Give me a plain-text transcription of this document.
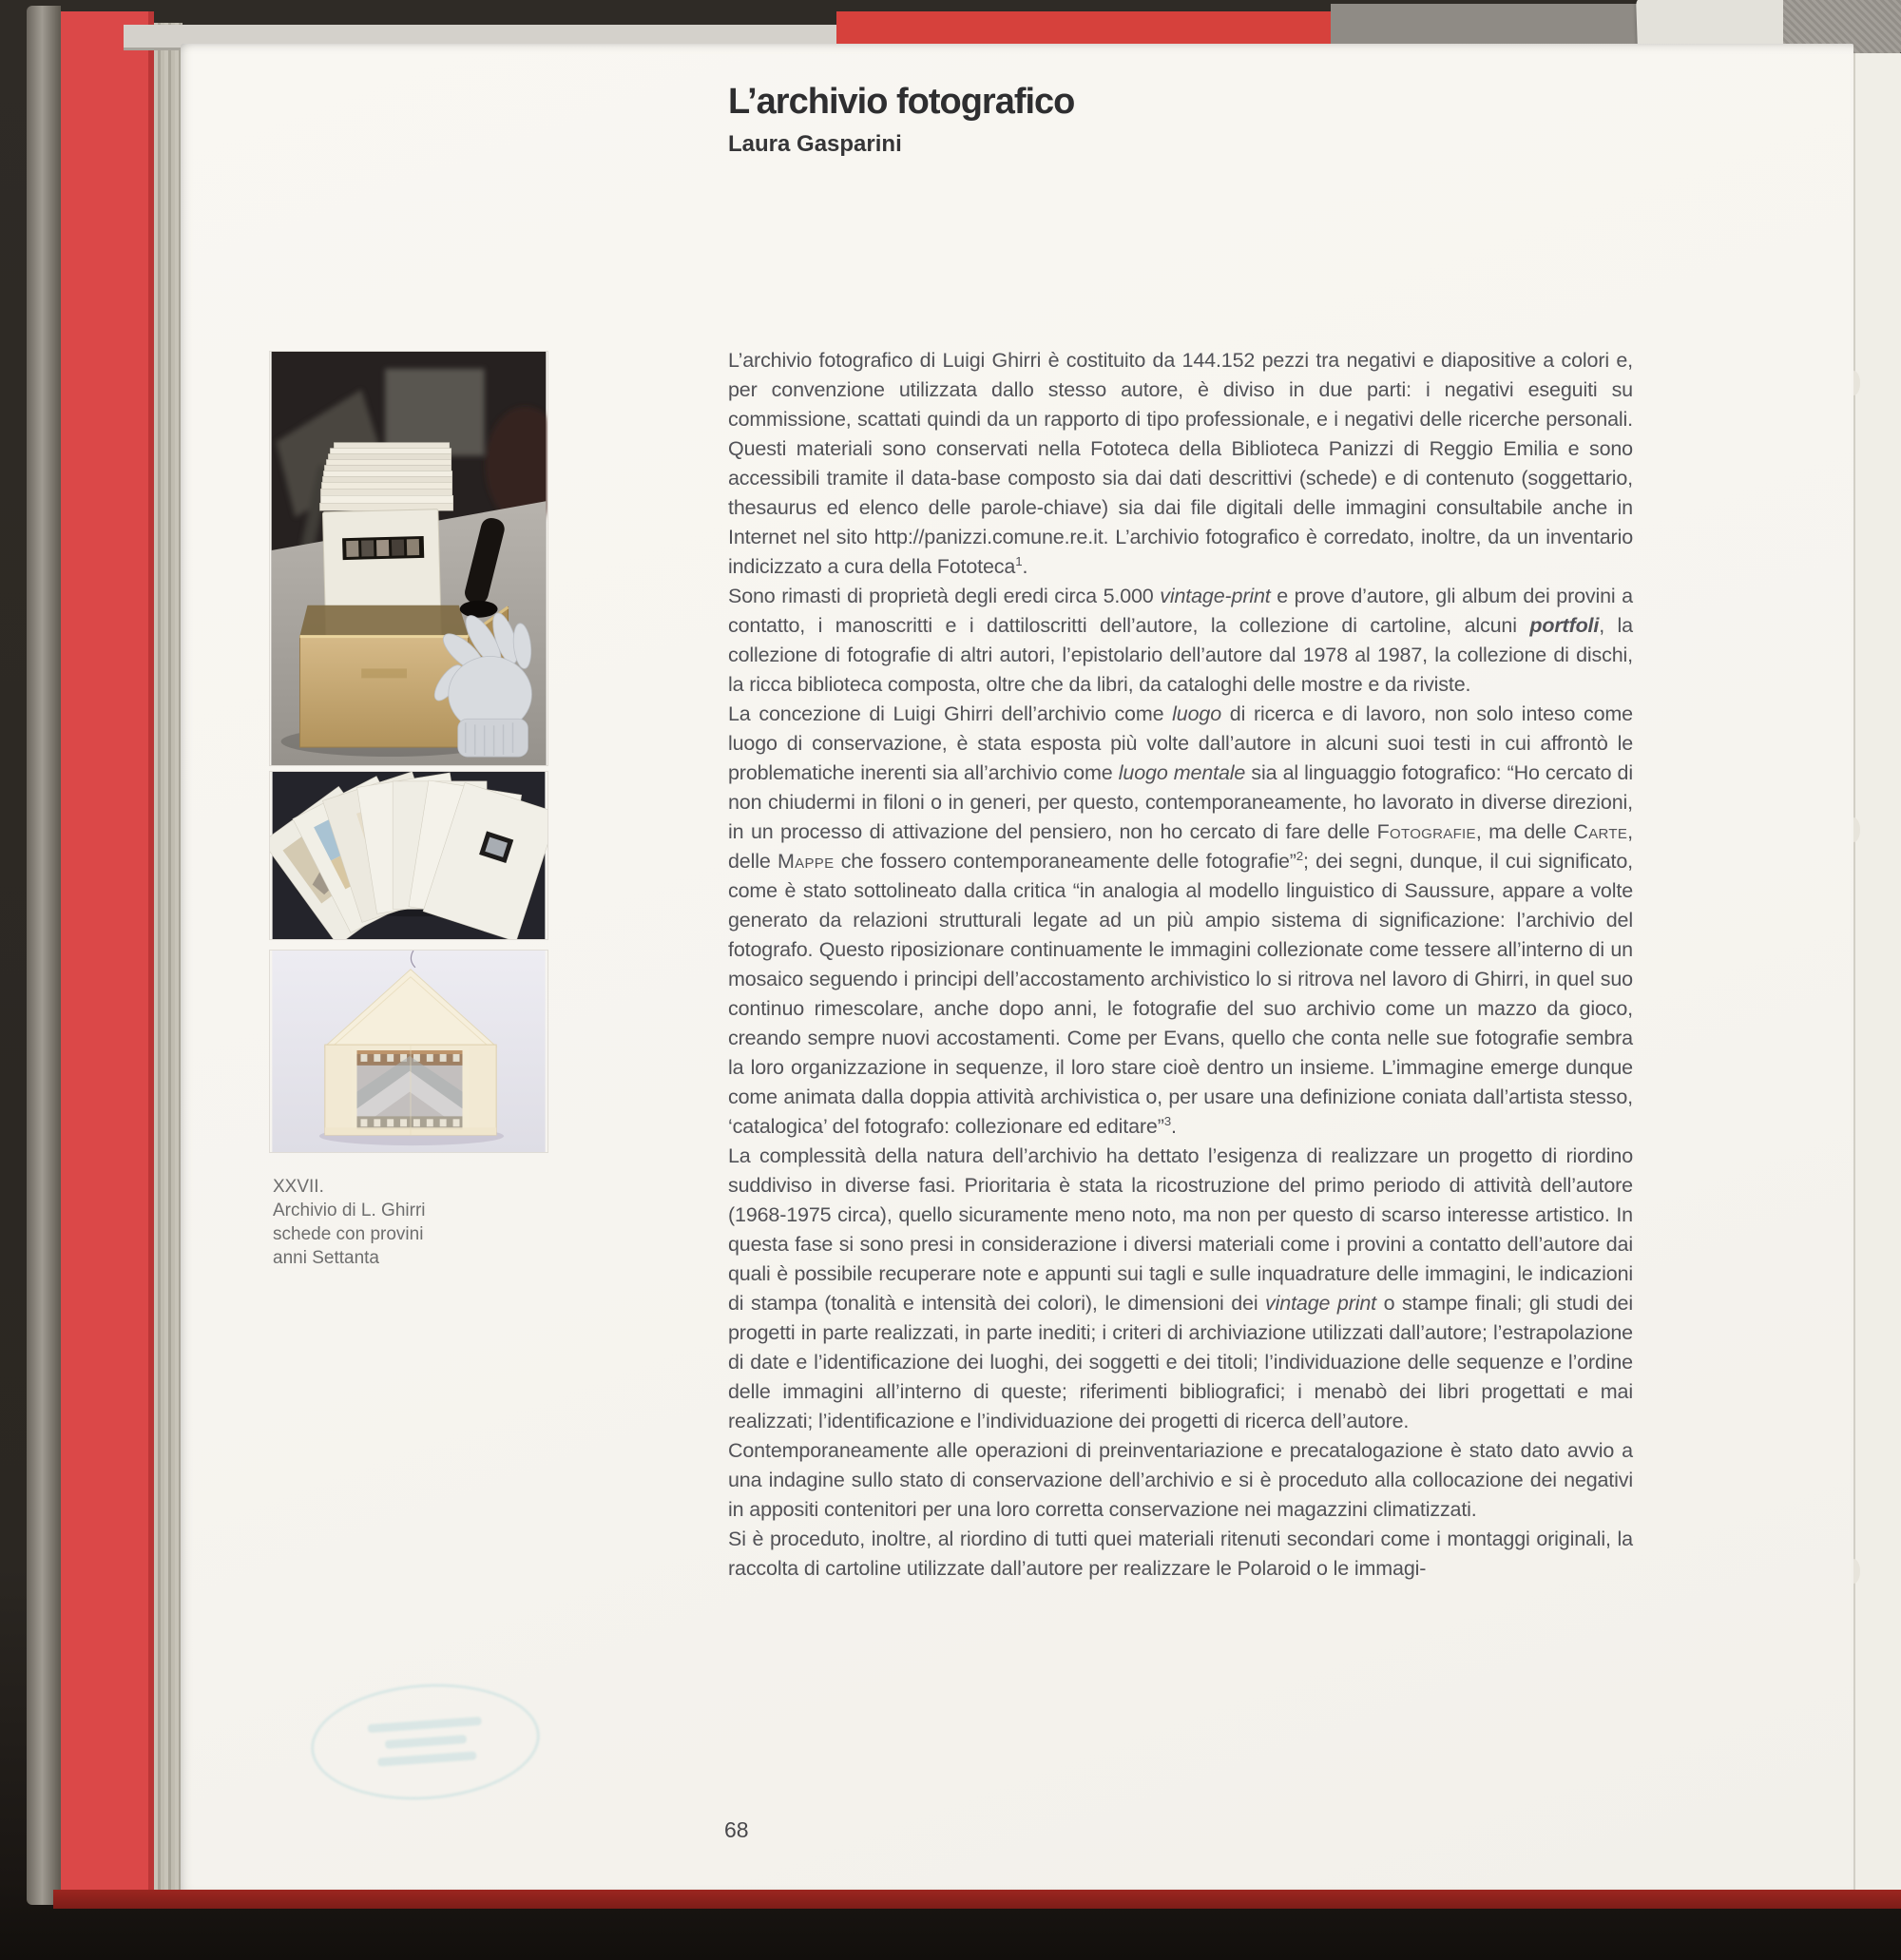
L’archivio fotografico
Laura Gasparini
XXVII.
Archivio di L. Ghirri
schede con provini
anni Settanta

L’archivio fotografico di Luigi Ghirri è costituito da 144.152 pezzi tra negativi e diapositive a colori e, per convenzione utilizzata dallo stesso autore, è diviso in due parti: i negativi eseguiti su commissione, scattati quindi da un rapporto di tipo professionale, e i negativi delle ricerche personali. Questi materiali sono conservati nella Fototeca della Biblioteca Panizzi di Reggio Emilia e sono accessibili tramite il data-base composto sia dai dati descrittivi (schede) e di contenuto (soggettario, thesaurus ed elenco delle parole-chiave) sia dai file digitali delle immagini consultabile anche in Internet nel sito http://panizzi.comune.re.it. L’archivio fotografico è corredato, inoltre, da un inventario indicizzato a cura della Fototeca$^1$.

Sono rimasti di proprietà degli eredi circa 5.000 vintage-print e prove d’autore, gli album dei provini a contatto, i manoscritti e i dattiloscritti dell’autore, la collezione di cartoline, alcuni portfoli, la collezione di fotografie di altri autori, l’epistolario dell’autore dal 1978 al 1987, la collezione di dischi, la ricca biblioteca composta, oltre che da libri, da cataloghi delle mostre e da riviste.

La concezione di Luigi Ghirri dell’archivio come luogo di ricerca e di lavoro, non solo inteso come luogo di conservazione, è stata esposta più volte dall’autore in alcuni suoi testi in cui affrontò le problematiche inerenti sia all’archivio come luogo mentale sia al linguaggio fotografico: “Ho cercato di non chiudermi in filoni o in generi, per questo, contemporaneamente, ho lavorato in diverse direzioni, in un processo di attivazione del pensiero, non ho cercato di fare delle Fotografie, ma delle Carte, delle Mappe che fossero contemporaneamente delle fotografie”$^2$; dei segni, dunque, il cui significato, come è stato sottolineato dalla critica “in analogia al modello linguistico di Saussure, appare a volte generato da relazioni strutturali legate ad un più ampio sistema di significazione: l’archivio del fotografo. Questo riposizionare continuamente le immagini collezionate come tessere all’interno di un mosaico seguendo i principi dell’accostamento archivistico lo si ritrova nel lavoro di Ghirri, in quel suo continuo rimescolare, anche dopo anni, le fotografie del suo archivio come un mazzo da gioco, creando sempre nuovi accostamenti. Come per Evans, quello che conta nelle sue fotografie sembra la loro organizzazione in sequenze, il loro stare cioè dentro un insieme. L’immagine emerge dunque come animata dalla doppia attività archivistica o, per usare una definizione coniata dall’artista stesso, ‘catalogica’ del fotografo: collezionare ed editare”$^3$.

La complessità della natura dell’archivio ha dettato l’esigenza di realizzare un progetto di riordino suddiviso in diverse fasi. Prioritaria è stata la ricostruzione del primo periodo di attività dell’autore (1968-1975 circa), quello sicuramente meno noto, ma non per questo di scarso interesse artistico. In questa fase si sono presi in considerazione i diversi materiali come i provini a contatto dell’autore dai quali è possibile recuperare note e appunti sui tagli e sulle inquadrature delle immagini, le indicazioni di stampa (tonalità e intensità dei colori), le dimensioni dei vintage print o stampe finali; gli studi dei progetti in parte realizzati, in parte inediti; i criteri di archiviazione utilizzati dall’autore; l’estrapolazione di date e l’identificazione dei luoghi, dei soggetti e dei titoli; l’individuazione delle sequenze e l’ordine delle immagini all’interno di queste; riferimenti bibliografici; i menabò dei libri progettati e mai realizzati; l’identificazione e l’individuazione dei progetti di ricerca dell’autore.

Contemporaneamente alle operazioni di preinventariazione e precatalogazione è stato dato avvio a una indagine sullo stato di conservazione dell’archivio e si è proceduto alla collocazione dei negativi in appositi contenitori per una loro corretta conservazione nei magazzini climatizzati.

Si è proceduto, inoltre, al riordino di tutti quei materiali ritenuti secondari come i montaggi originali, la raccolta di cartoline utilizzate dall’autore per realizzare le Polaroid o le immagi-

68
